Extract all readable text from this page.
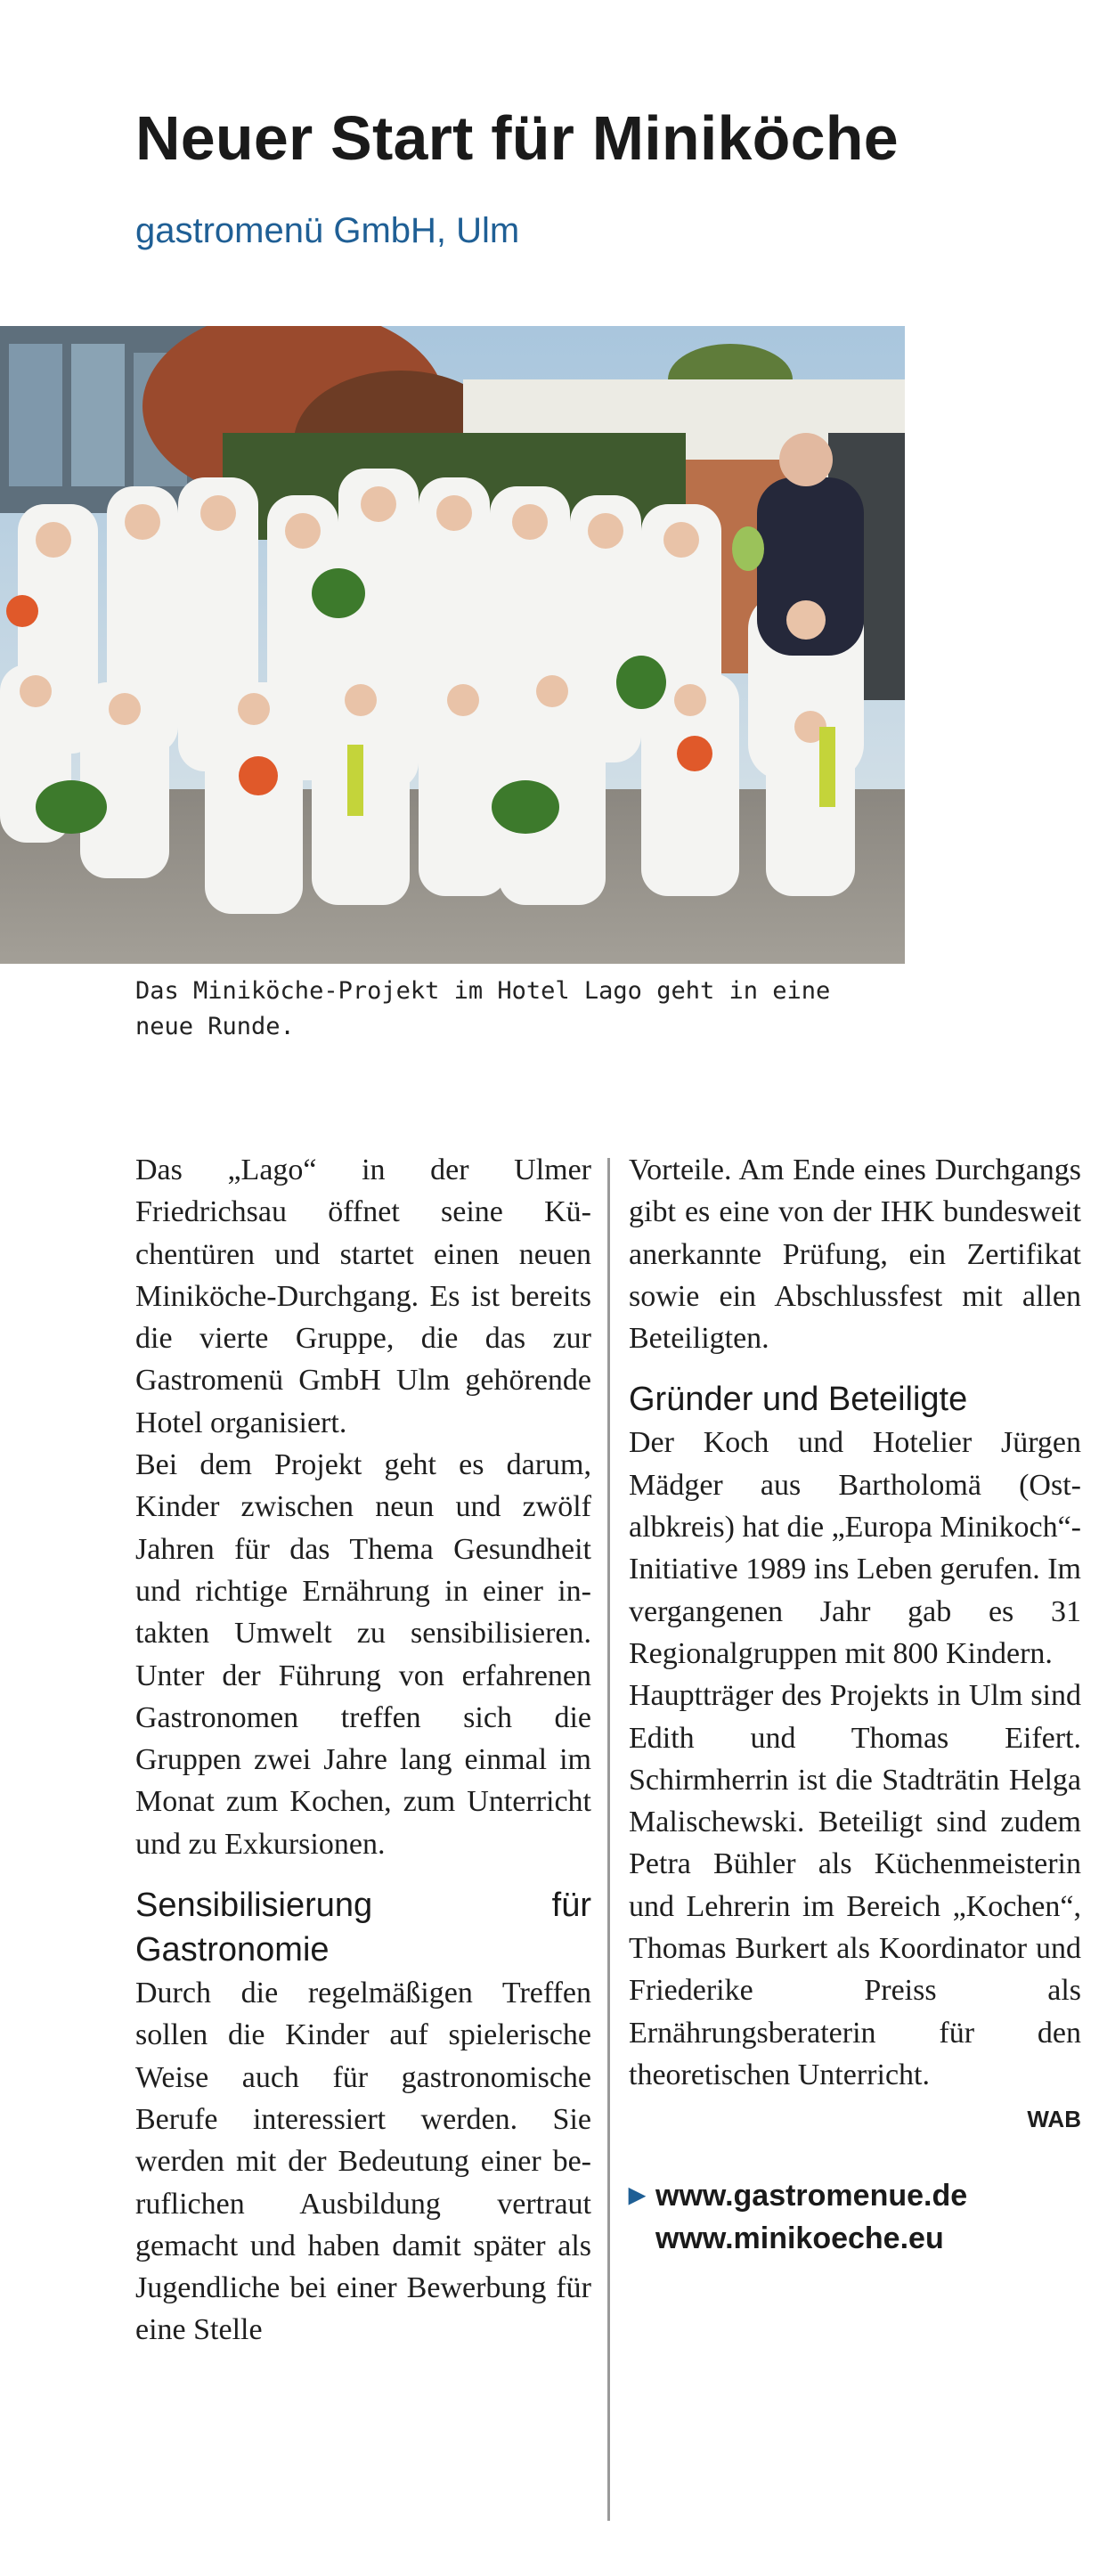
Neuer Start für Miniköche
gastromenü GmbH, Ulm

Das Miniköche-Projekt im Hotel Lago geht in eine neue Runde.

Das „Lago“ in der Ulmer Friedrichsau öffnet seine Küchentüren und startet einen neuen Miniköche-Durchgang. Es ist bereits die vierte Gruppe, die das zur Gastromenü GmbH Ulm gehörende Hotel organisiert.

Bei dem Projekt geht es darum, Kinder zwischen neun und zwölf Jahren für das Thema Gesundheit und richtige Ernährung in einer intakten Umwelt zu sensibilisieren. Unter der Führung von erfahrenen Gastronomen treffen sich die Gruppen zwei Jahre lang einmal im Monat zum Kochen, zum Unterricht und zu Exkursionen.

Sensibilisierung für Gastronomie

Durch die regelmäßigen Treffen sollen die Kinder auf spielerische Weise auch für gastronomische Berufe interessiert werden. Sie werden mit der Bedeutung einer beruflichen Ausbildung vertraut gemacht und haben damit später als Jugendliche bei einer Bewerbung für eine Stelle

Vorteile. Am Ende eines Durchgangs gibt es eine von der IHK bundesweit anerkannte Prüfung, ein Zertifikat sowie ein Abschlussfest mit allen Beteiligten.

Gründer und Beteiligte

Der Koch und Hotelier Jürgen Mädger aus Bartholomä (Ostalbkreis) hat die „Europa Minikoch“-Initiative 1989 ins Leben gerufen. Im vergangenen Jahr gab es 31 Regionalgruppen mit 800 Kindern.

Hauptträger des Projekts in Ulm sind Edith und Thomas Eifert. Schirmherrin ist die Stadträtin Helga Malischewski. Beteiligt sind zudem Petra Bühler als Küchenmeisterin und Lehrerin im Bereich „Kochen“, Thomas Burkert als Koordinator und Friederike Preiss als Ernährungsberaterin für den theoretischen Unterricht.

WAB
▶ www.gastromenue.de
www.minikoeche.eu
